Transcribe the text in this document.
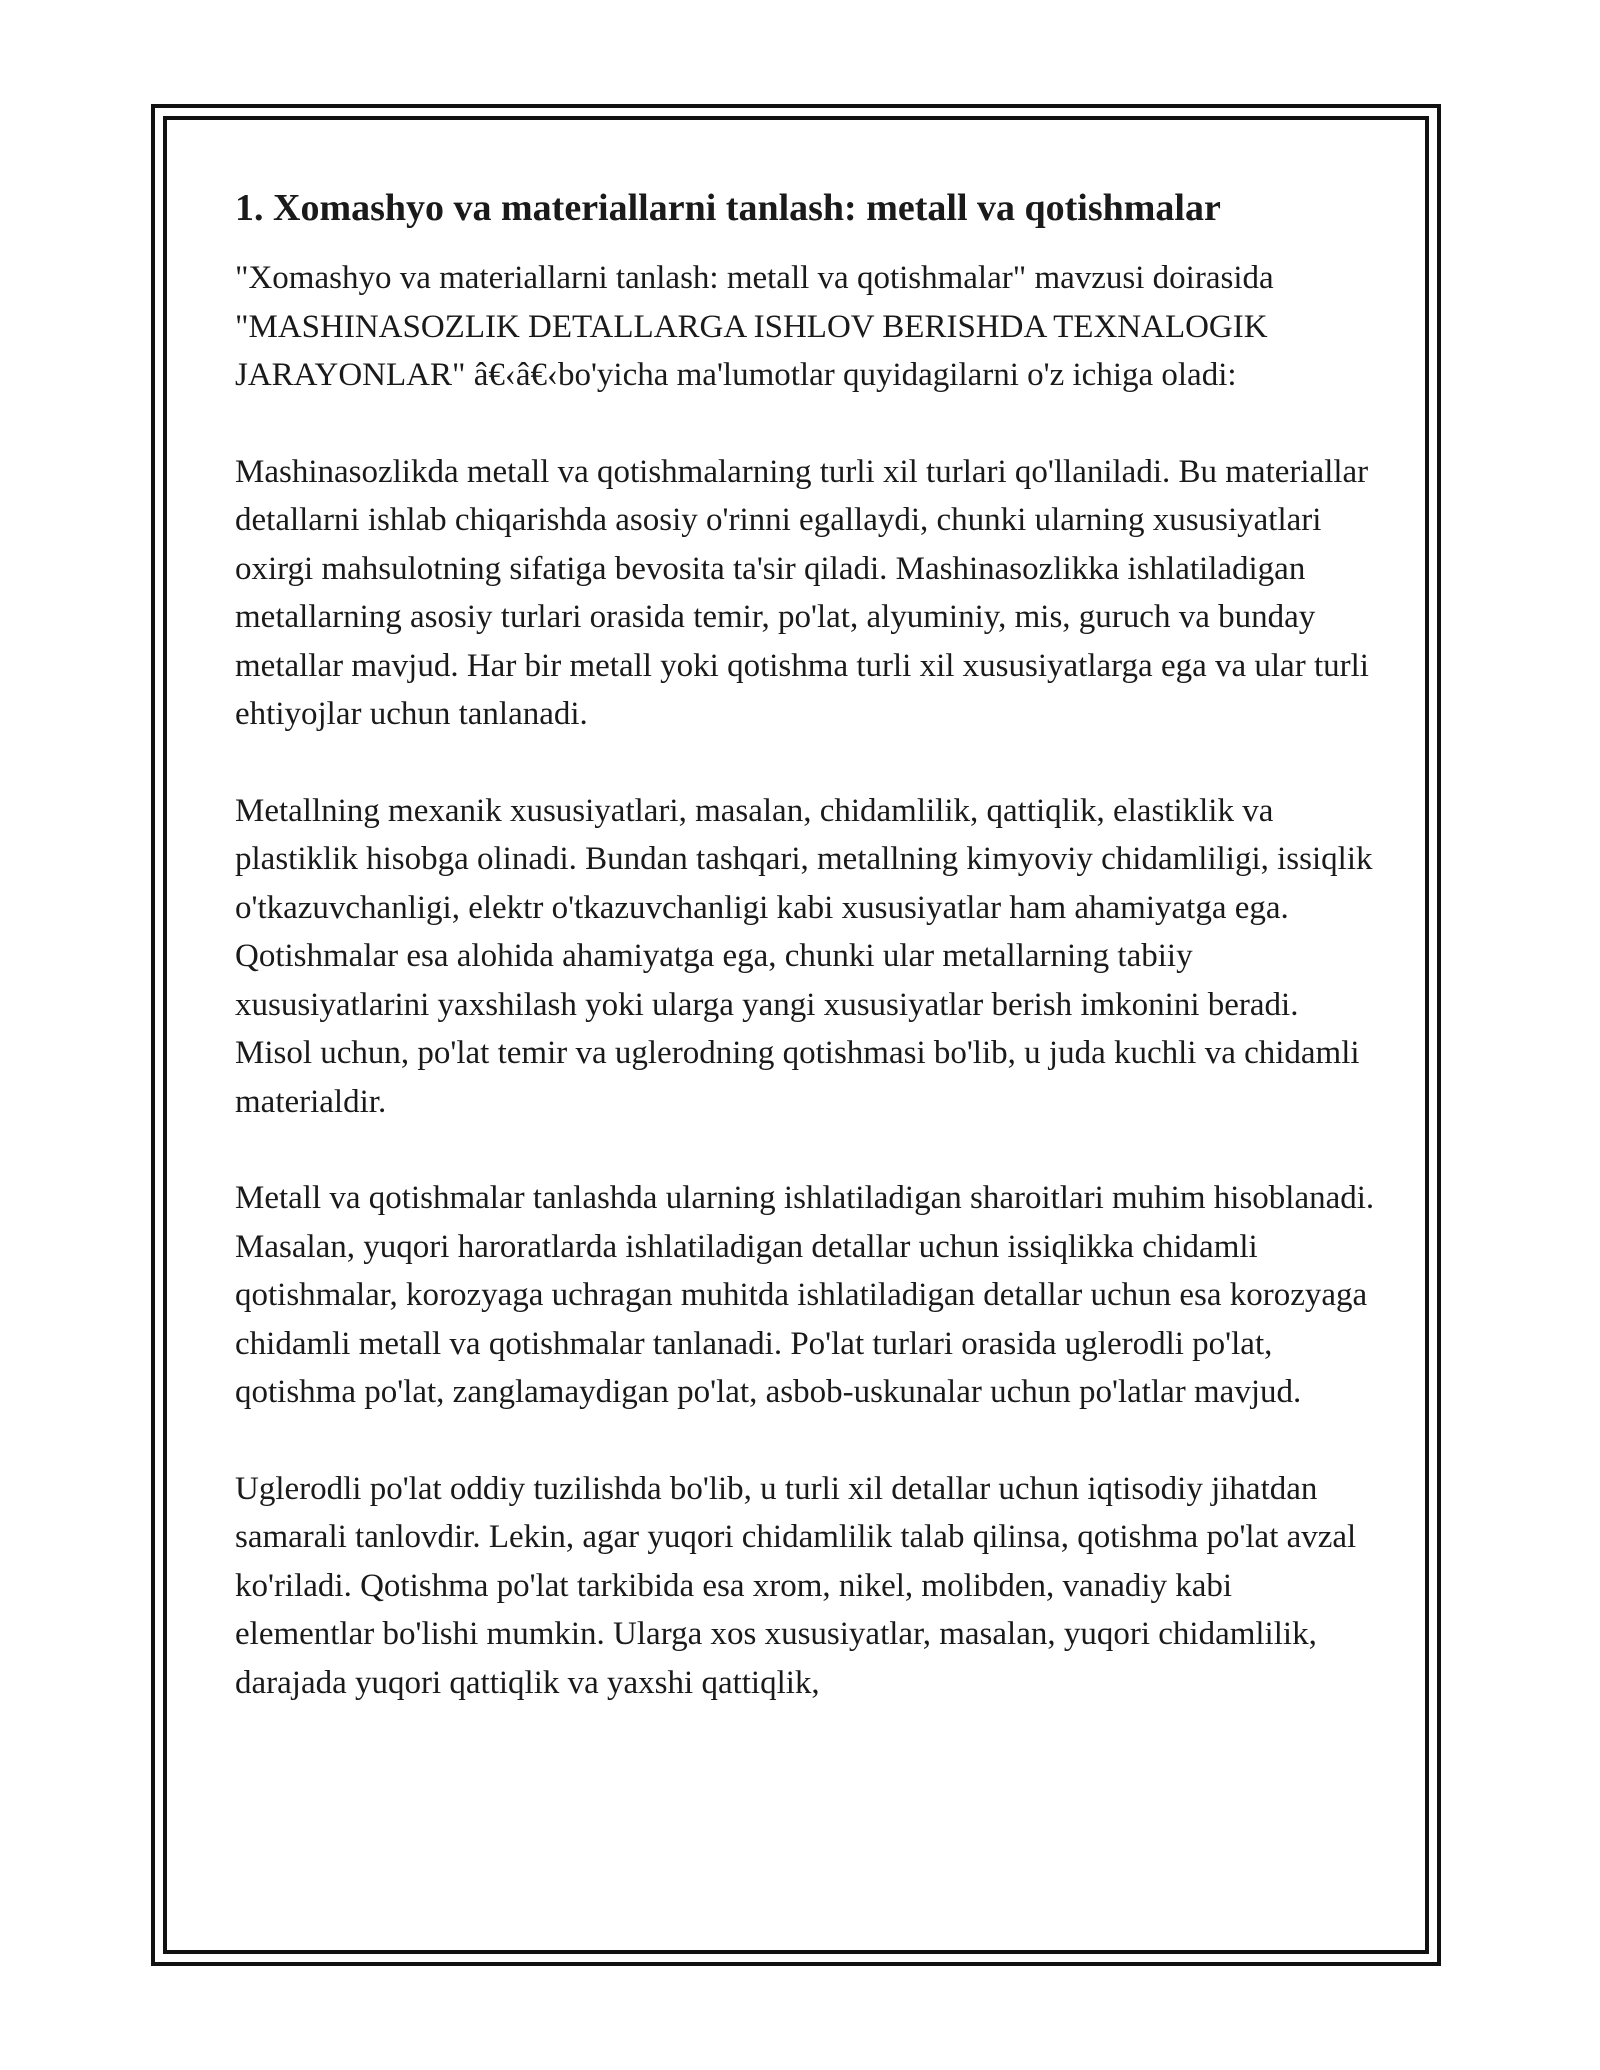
1. Xomashyo va materiallarni tanlash: metall va qotishmalar

"Xomashyo va materiallarni tanlash: metall va qotishmalar" mavzusi doirasida "MASHINASOZLIK DETALLARGA ISHLOV BERISHDA TEXNALOGIK JARAYONLAR" â€‹â€‹bo'yicha ma'lumotlar quyidagilarni o'z ichiga oladi:

Mashinasozlikda metall va qotishmalarning turli xil turlari qo'llaniladi. Bu materiallar detallarni ishlab chiqarishda asosiy o'rinni egallaydi, chunki ularning xususiyatlari oxirgi mahsulotning sifatiga bevosita ta'sir qiladi. Mashinasozlikka ishlatiladigan metallarning asosiy turlari orasida temir, po'lat, alyuminiy, mis, guruch va bunday metallar mavjud. Har bir metall yoki qotishma turli xil xususiyatlarga ega va ular turli ehtiyojlar uchun tanlanadi.

Metallning mexanik xususiyatlari, masalan, chidamlilik, qattiqlik, elastiklik va plastiklik hisobga olinadi. Bundan tashqari, metallning kimyoviy chidamliligi, issiqlik o'tkazuvchanligi, elektr o'tkazuvchanligi kabi xususiyatlar ham ahamiyatga ega. Qotishmalar esa alohida ahamiyatga ega, chunki ular metallarning tabiiy xususiyatlarini yaxshilash yoki ularga yangi xususiyatlar berish imkonini beradi. Misol uchun, po'lat temir va uglerodning qotishmasi bo'lib, u juda kuchli va chidamli materialdir.

Metall va qotishmalar tanlashda ularning ishlatiladigan sharoitlari muhim hisoblanadi. Masalan, yuqori haroratlarda ishlatiladigan detallar uchun issiqlikka chidamli qotishmalar, korozyaga uchragan muhitda ishlatiladigan detallar uchun esa korozyaga chidamli metall va qotishmalar tanlanadi. Po'lat turlari orasida uglerodli po'lat, qotishma po'lat, zanglamaydigan po'lat, asbob-uskunalar uchun po'latlar mavjud.

Uglerodli po'lat oddiy tuzilishda bo'lib, u turli xil detallar uchun iqtisodiy jihatdan samarali tanlovdir. Lekin, agar yuqori chidamlilik talab qilinsa, qotishma po'lat avzal ko'riladi. Qotishma po'lat tarkibida esa xrom, nikel, molibden, vanadiy kabi elementlar bo'lishi mumkin. Ularga xos xususiyatlar, masalan, yuqori chidamlilik, darajada yuqori qattiqlik va yaxshi qattiqlik,
